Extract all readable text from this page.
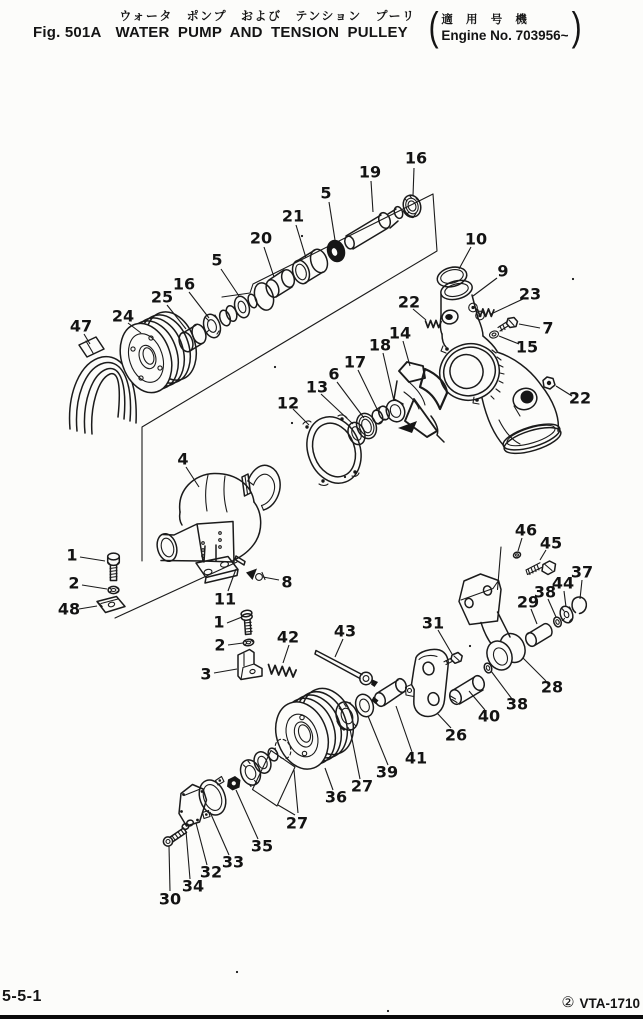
ウォータ ポンプ および テンション プーリ
Fig. 501A WATER PUMP AND TENSION PULLEY ( 適 用 号 機
Engine No. 703956~ )
16
19
5
21
20
5
16
25
24
47
10
9
23
7
15
22
22
14
18
17
6
13
12
4
1
2
48
8
11
1
2
3
42 43	31
46
45
37
44
38
29
28
38
40
26
41
39
27
36
27
35
33
32
34
30
5-5-1	② VTA-1710
